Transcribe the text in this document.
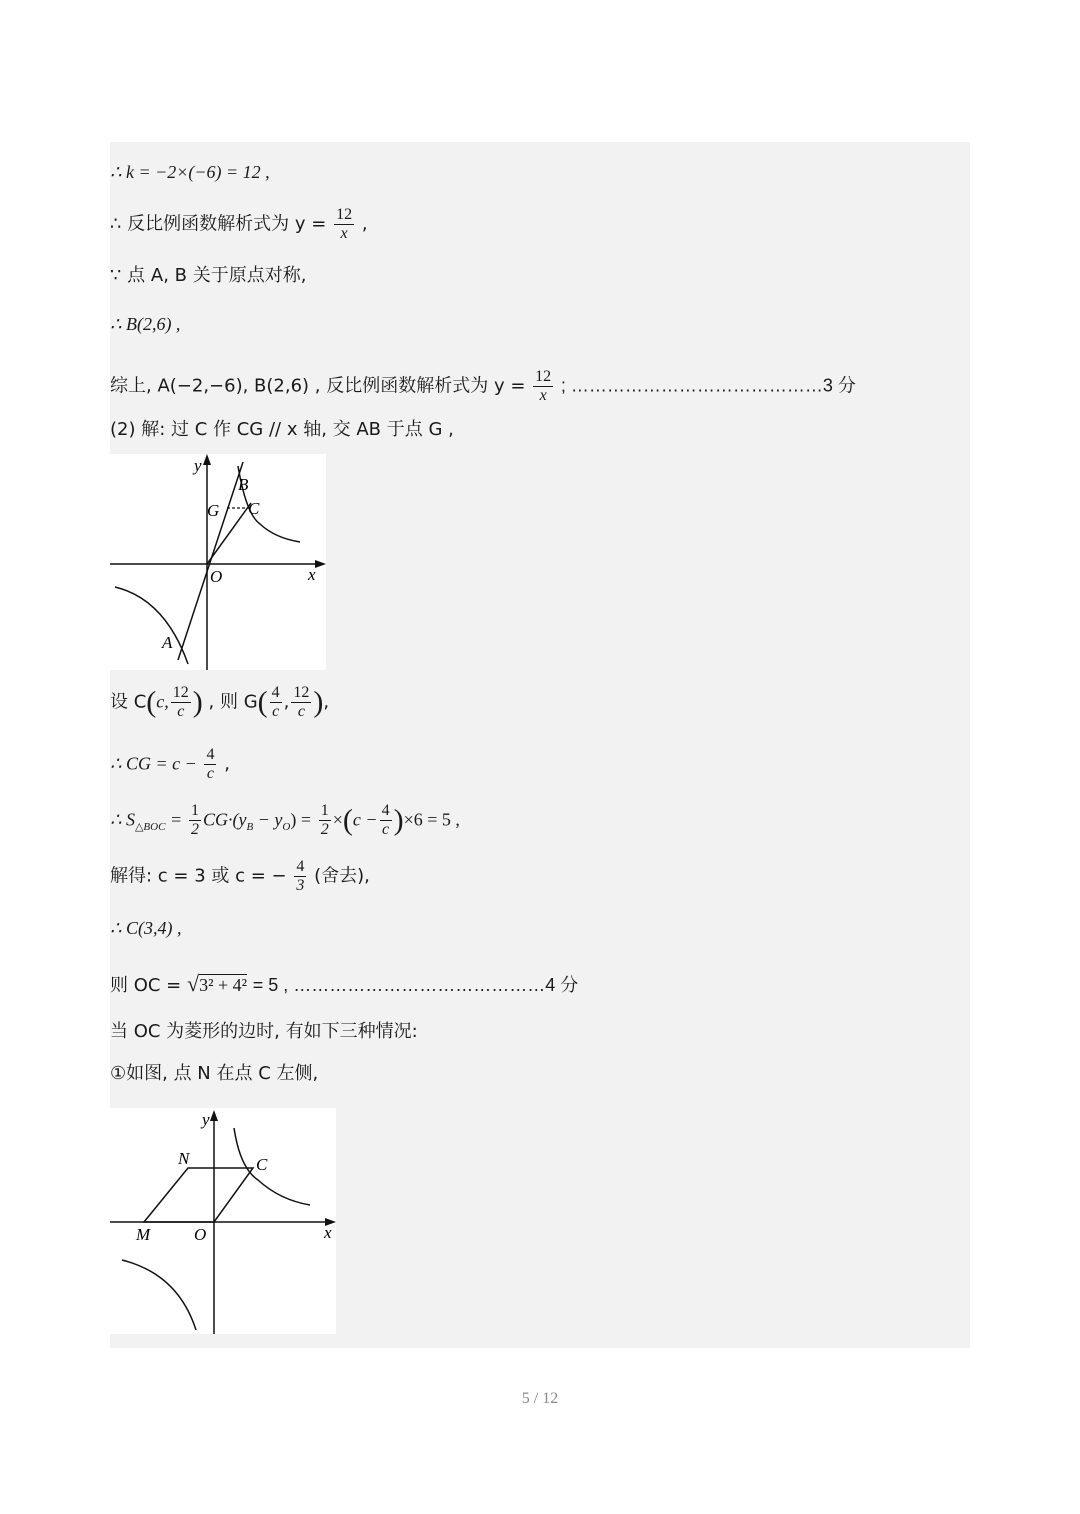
∴ k = −2×(−6) = 12 ,
∴ 反比例函数解析式为 $y = \frac{12}{x}$ ,
∵ 点 A, B 关于原点对称,
∴ B(2,6) ,
综上, A(−2,−6), B(2,6) , 反比例函数解析式为 $y = \frac{12}{x}$ ; ……………………………………3 分
(2) 解: 过 C 作 CG // x 轴, 交 AB 于点 G ,
y
x
O
B
C
G
A
设 C(c, $\frac{12}{c}$ ) , 则 $G( \frac{4}{c}$ , $\frac{12}{c}$ ),
∴ CG = $c - \frac{4}{c}$ ,
∴ $S_{\triangle BOC} = \frac{1}{2} CG\cdot(y_B - y_O) = \frac{1}{2} \times(c - \frac{4}{c} )\times 6 = 5$ ,
解得: c = 3 或 c = − $\frac{4}{3}$ (舍去),
∴ C(3,4) ,
则 OC = √3² + 4² = 5 , ……………………………………4 分
当 OC 为菱形的边时, 有如下三种情况:
①如图, 点 N 在点 C 左侧,
y
x
O
M
N	C
5 / 12
